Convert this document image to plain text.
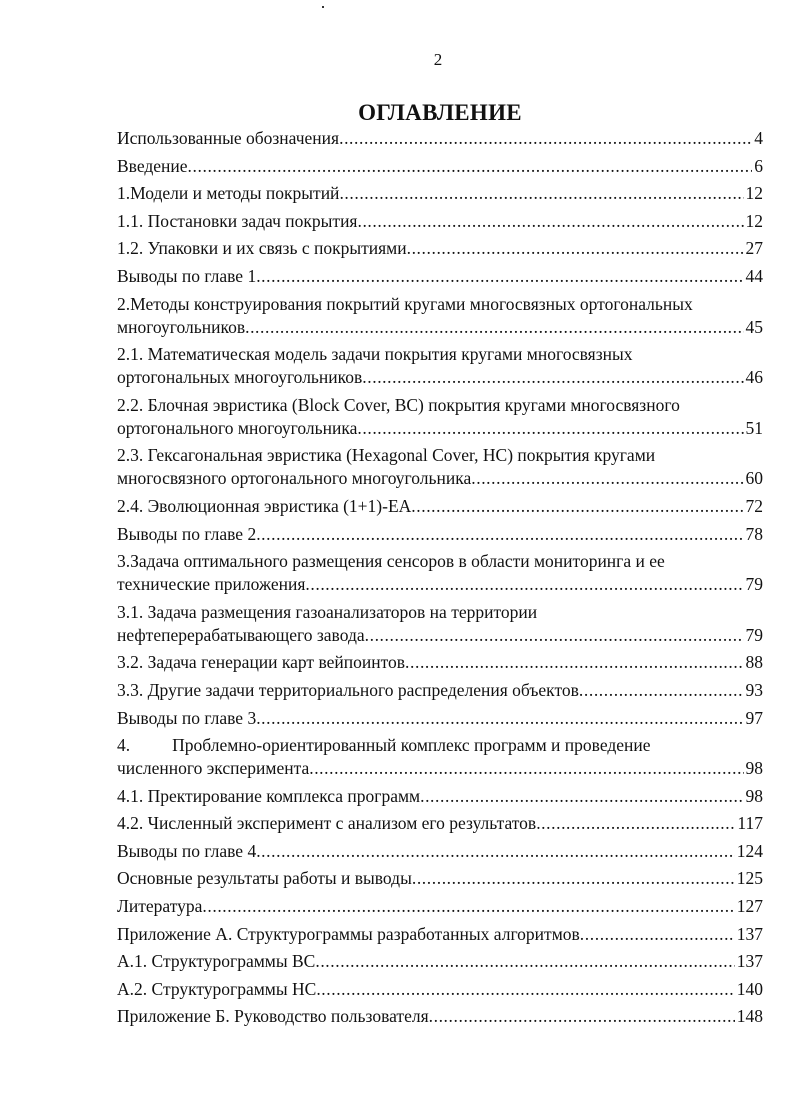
2
ОГЛАВЛЕНИЕ
Использованные обозначения .....	4
Введение .....	6
1.Модели и методы покрытий .....	12
1.1. Постановки задач покрытия .....	12
1.2. Упаковки и их связь с покрытиями .....	27
Выводы по главе 1 .....	44
2.Методы конструирования покрытий кругами многосвязных ортогональных
многоугольников .....	45
2.1. Математическая модель задачи покрытия кругами многосвязных
ортогональных многоугольников .....	46
2.2. Блочная эвристика (Block Cover, BC) покрытия кругами многосвязного
ортогонального многоугольника .....	51
2.3. Гексагональная эвристика (Hexagonal Cover, HC) покрытия кругами
многосвязного ортогонального многоугольника .....	60
2.4. Эволюционная эвристика (1+1)-EA .....	72
Выводы по главе 2 .....	78
3.Задача оптимального размещения сенсоров в области мониторинга и ее
технические приложения .....	79
3.1. Задача размещения газоанализаторов на территории
нефтеперерабатывающего завода .....	79
3.2. Задача генерации карт вейпоинтов .....	88
3.3. Другие задачи территориального распределения объектов .....	93
Выводы по главе 3 .....	97
4. Проблемно-ориентированный комплекс программ и проведение
численного эксперимента .....	98
4.1. Пректирование комплекса программ .....	98
4.2. Численный эксперимент с анализом его результатов .....	117
Выводы по главе 4 .....	124
Основные результаты работы и выводы .....	125
Литература .....	127
Приложение А. Структурограммы разработанных алгоритмов .....	137
А.1. Структурограммы ВС .....	137
А.2. Структурограммы НС .....	140
Приложение Б. Руководство пользователя .....	148
